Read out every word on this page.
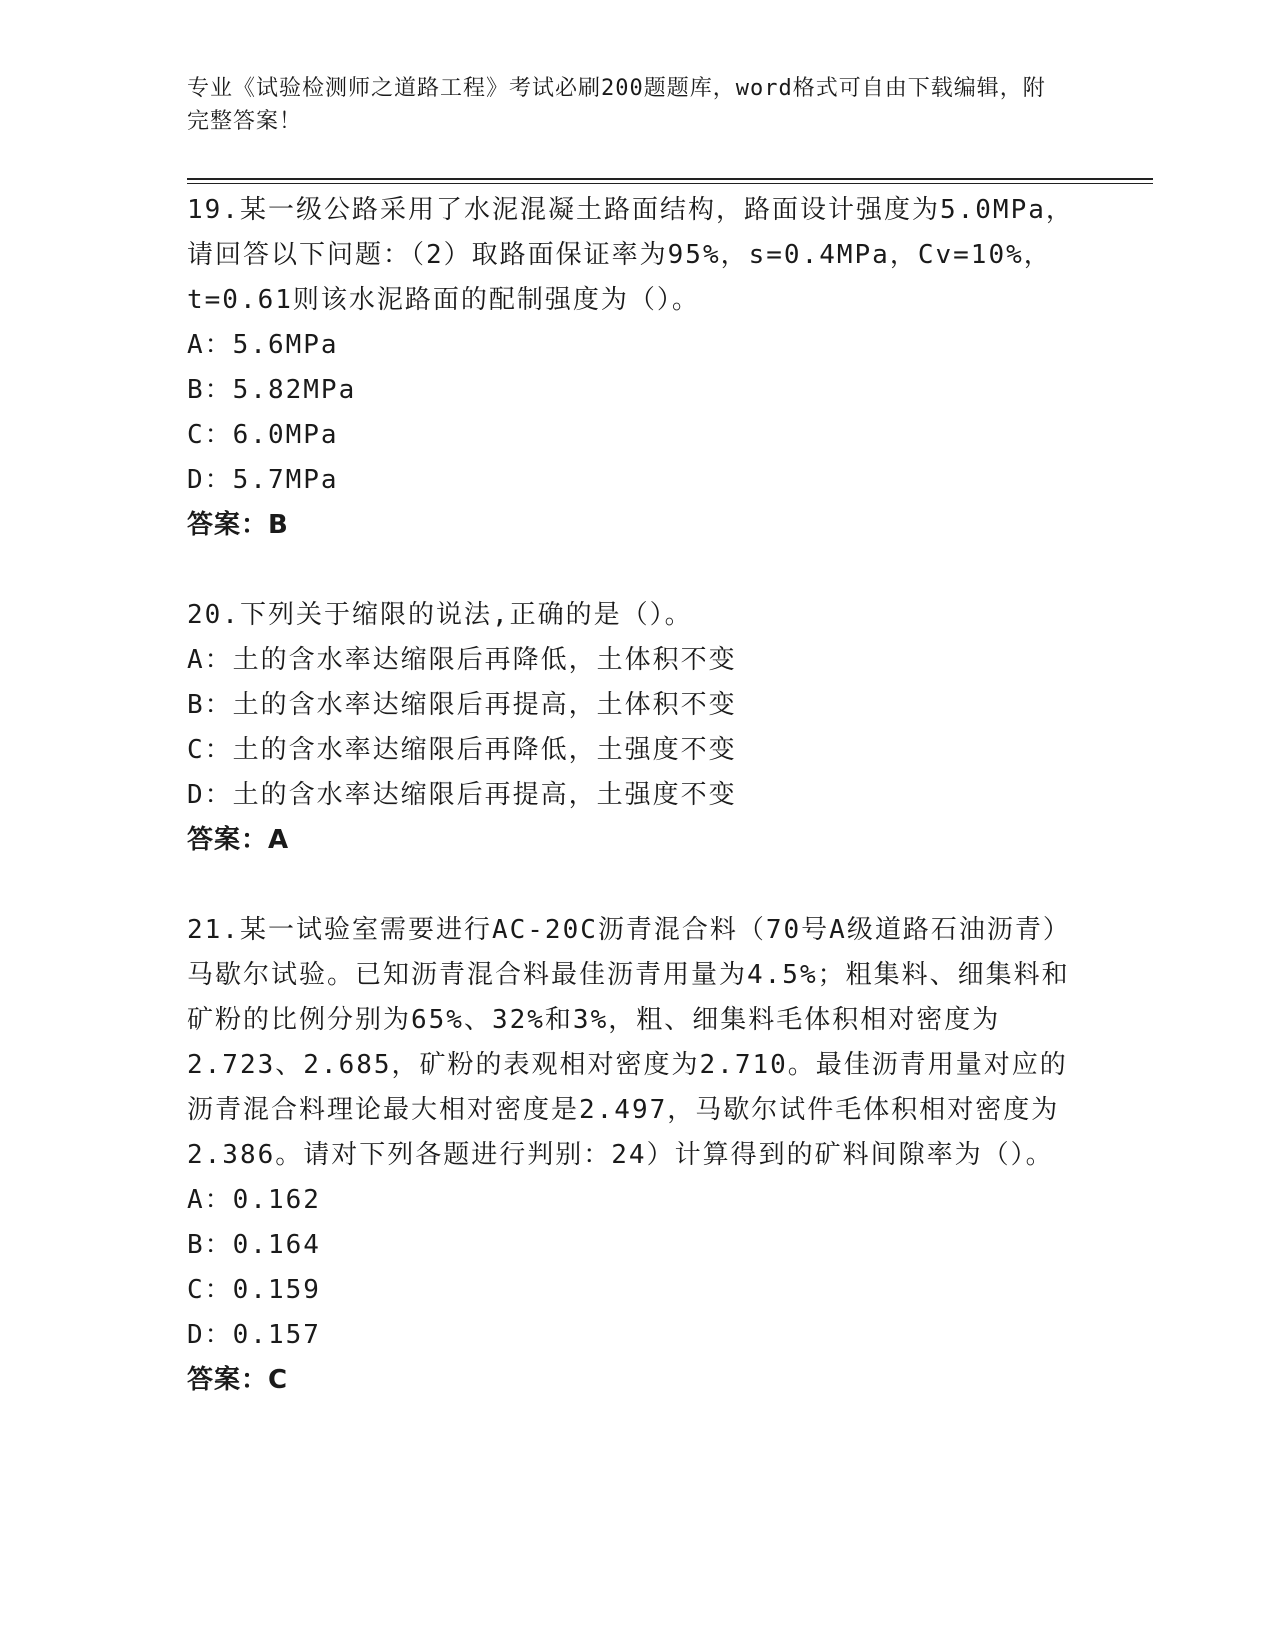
专业《试验检测师之道路工程》考试必刷200题题库，word格式可自由下载编辑，附完整答案！

19.某一级公路采用了水泥混凝土路面结构，路面设计强度为5.0MPa，请回答以下问题：（2）取路面保证率为95%，s=0.4MPa，Cv=10%，t=0.61则该水泥路面的配制强度为（）。

A：5.6MPa

B：5.82MPa

C：6.0MPa

D：5.7MPa

答案：B

20.下列关于缩限的说法,正确的是（）。

A：土的含水率达缩限后再降低，土体积不变

B：土的含水率达缩限后再提高，土体积不变

C：土的含水率达缩限后再降低，土强度不变

D：土的含水率达缩限后再提高，土强度不变

答案：A

21.某一试验室需要进行AC-20C沥青混合料（70号A级道路石油沥青）马歇尔试验。已知沥青混合料最佳沥青用量为4.5%；粗集料、细集料和矿粉的比例分别为65%、32%和3%，粗、细集料毛体积相对密度为2.723、2.685，矿粉的表观相对密度为2.710。最佳沥青用量对应的沥青混合料理论最大相对密度是2.497，马歇尔试件毛体积相对密度为2.386。请对下列各题进行判别：24）计算得到的矿料间隙率为（）。

A：0.162

B：0.164

C：0.159

D：0.157

答案：C
